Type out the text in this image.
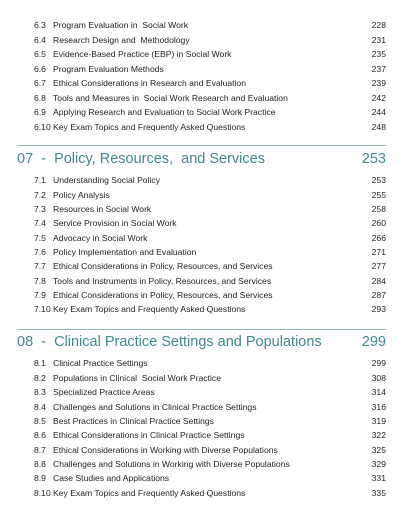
6.3 Program Evaluation in  Social Work	228
6.4 Research Design and  Methodology	231
6.5 Evidence-Based Practice (EBP) in Social Work	235
6.6 Program Evaluation Methods	237
6.7 Ethical Considerations in Research and Evaluation	239
6.8 Tools and Measures in  Social Work Research and Evaluation	242
6.9 Applying Research and Evaluation to Social Work Practice	244
6.10 Key Exam Topics and Frequently Asked Questions	248
07  -  Policy, Resources,  and Services	253
7.1 Understanding Social Policy	253
7.2 Policy Analysis	255
7.3 Resources in Social Work	258
7.4 Service Provision in Social Work	260
7.5 Advocacy in Social Work	266
7.6 Policy Implementation and Evaluation	271
7.7 Ethical Considerations in Policy, Resources, and Services	277
7.8 Tools and Instruments in Policy, Resources, and Services	284
7.9 Ethical Considerations in Policy, Resources, and Services	287
7.10 Key Exam Topics and Frequently Asked Questions	293
08  -  Clinical Practice Settings and Populations	299
8.1 Clinical Practice Settings	299
8.2 Populations in Clinical  Social Work Practice	308
8.3 Specialized Practice Areas	314
8.4 Challenges and Solutions in Clinical Practice Settings	316
8.5 Best Practices in Clinical Practice Settings	319
8.6 Ethical Considerations in Clinical Practice Settings	322
8.7 Ethical Considerations in Working with Diverse Populations	325
8.8 Challenges and Solutions in Working with Diverse Populations	329
8.9 Case Studies and Applications	331
8.10 Key Exam Topics and Frequently Asked Questions	335
